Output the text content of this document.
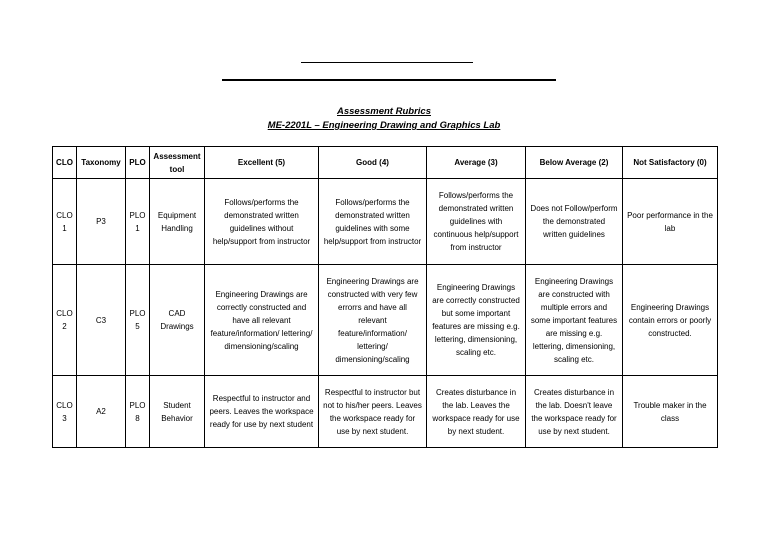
Assessment Rubrics
ME-2201L – Engineering Drawing and Graphics Lab
CLO	Taxonomy	PLO	Assessment tool	Excellent (5)	Good (4)	Average (3)	Below Average (2)	Not Satisfactory (0)
CLO 1	P3	PLO 1	Equipment Handling	Follows/performs the demonstrated written guidelines without help/support from instructor	Follows/performs the demonstrated written guidelines with some help/support from instructor	Follows/performs the demonstrated written guidelines with continuous help/support from instructor	Does not Follow/perform the demonstrated written guidelines	Poor performance in the lab
CLO 2	C3	PLO 5	CAD Drawings	Engineering Drawings are correctly constructed and have all relevant feature/information/ lettering/ dimensioning/scaling	Engineering Drawings are constructed with very few errorrs and have all relevant feature/information/ lettering/ dimensioning/scaling	Engineering Drawings are correctly constructed but some important features are missing e.g. lettering, dimensioning, scaling etc.	Engineering Drawings are constructed with multiple errors and some important features are missing e.g. lettering, dimensioning, scaling etc.	Engineering Drawings contain errors or poorly constructed.
CLO 3	A2	PLO 8	Student Behavior	Respectful to instructor and peers. Leaves the workspace ready for use by next student	Respectful to instructor but not to his/her peers. Leaves the workspace ready for use by next student.	Creates disturbance in the lab. Leaves the workspace ready for use by next student.	Creates disturbance in the lab. Doesn't leave the workspace ready for use by next student.	Trouble maker in the class
